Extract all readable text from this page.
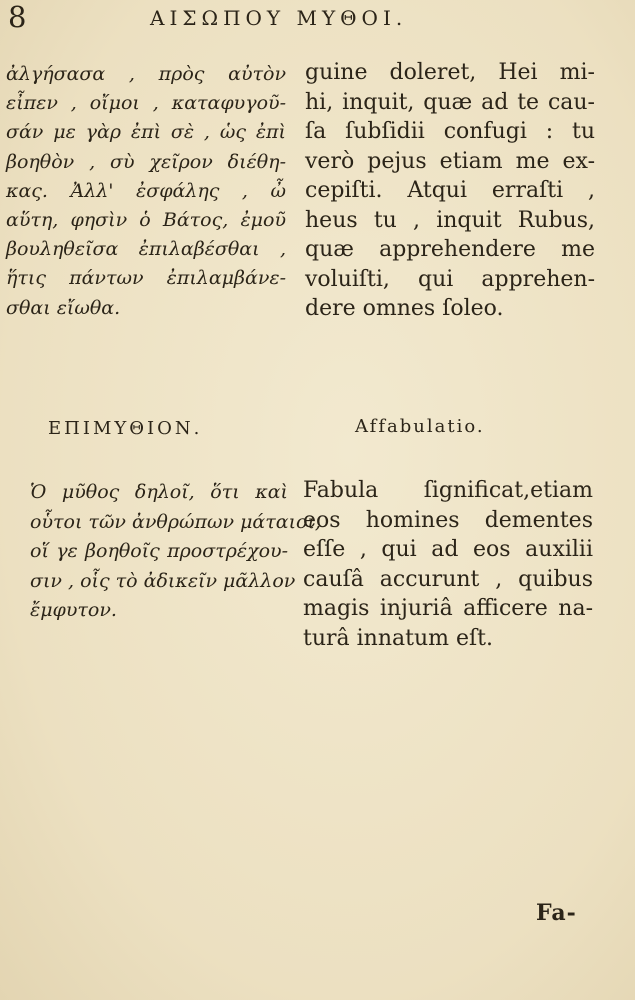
8	ΑΙΣΩΠΟΥ ΜΥΘΟΙ.
ἀλγήσασα , πρὸς αὐτὸν
εἶπεν , οἴμοι , καταφυγοῦ-
σάν με γὰρ ἐπὶ σὲ , ὡς ἐπὶ
βοηθὸν , σὺ χεῖρον διέθη-
κας. Ἀλλ' ἐσφάλης , ὦ
αὕτη, φησὶν ὁ Βάτος, ἐμοῦ
βουληθεῖσα ἐπιλαβέσθαι ,
ἥτις πάντων ἐπιλαμβάνε-
σθαι εἴωθα.
guine doleret, Hei mi-
hi, inquit, quæ ad te cau-
ſa ſubſidii confugi : tu
verò pejus etiam me ex-
cepiſti. Atqui erraſti ,
heus tu , inquit Rubus,
quæ apprehendere me
voluiſti, qui apprehen-
dere omnes ſoleo.
ΕΠΙΜΥΘΙΟΝ.	Affabulatio.
Ὁ μῦθος δηλοῖ, ὅτι καὶ
οὗτοι τῶν ἀνθρώπων μάταιοι,
οἵ γε βοηθοῖς προστρέχου-
σιν , οἷς τὸ ἀδικεῖν μᾶλλον
ἔμφυτον.
Fabula ſignificat,etiam
eos homines dementes
eſſe , qui ad eos auxilii
cauſâ accurunt , quibus
magis injuriâ afficere na-
turâ innatum eſt.
Fa-
